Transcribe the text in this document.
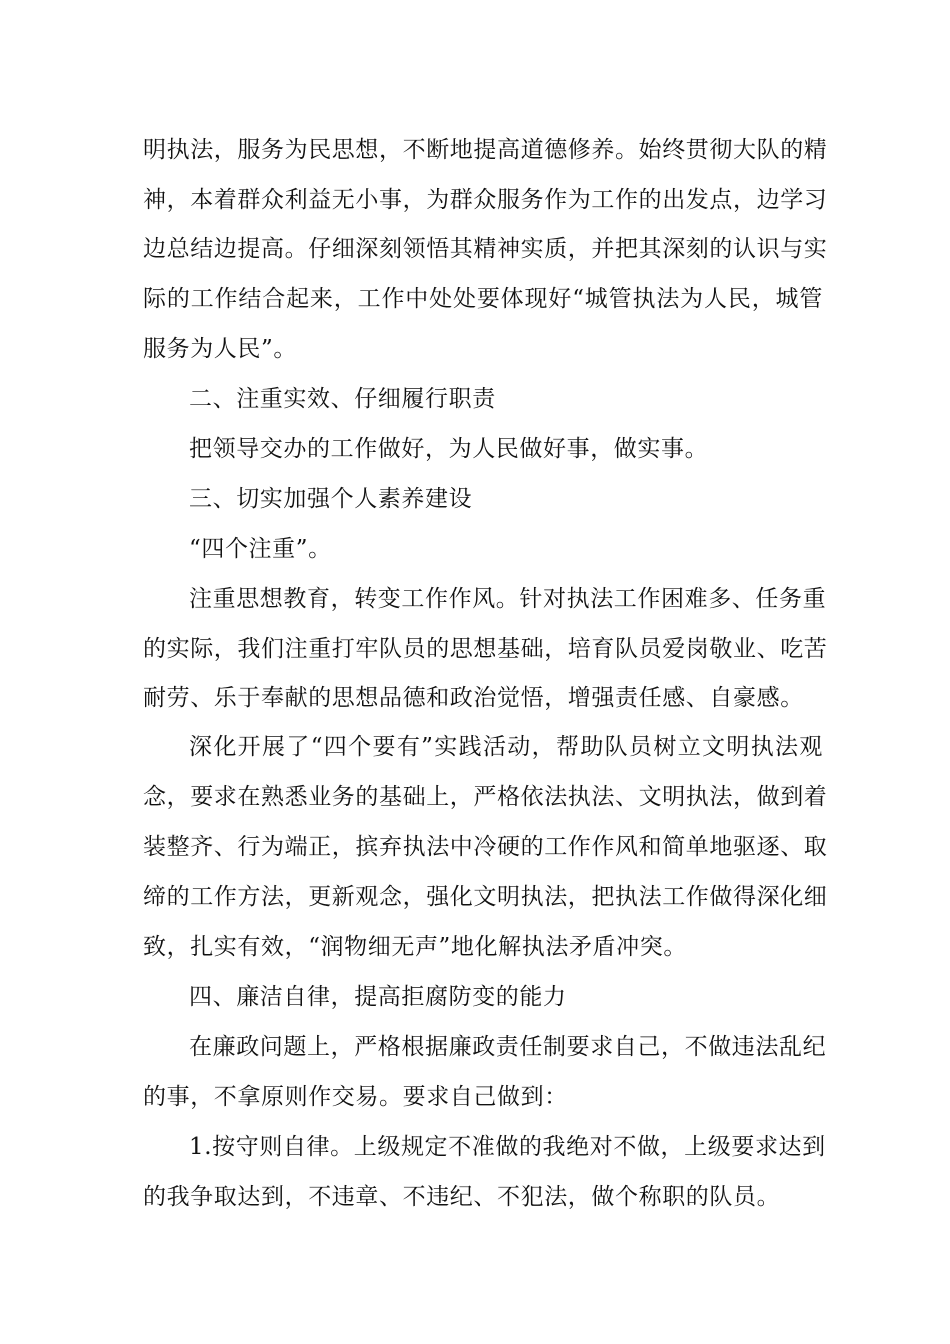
明执法，服务为民思想，不断地提高道德修养。始终贯彻大队的精
神，本着群众利益无小事，为群众服务作为工作的出发点，边学习
边总结边提高。仔细深刻领悟其精神实质，并把其深刻的认识与实
际的工作结合起来，工作中处处要体现好“城管执法为人民，城管
服务为人民”。
二、注重实效、仔细履行职责
把领导交办的工作做好，为人民做好事，做实事。
三、切实加强个人素养建设
“四个注重”。
注重思想教育，转变工作作风。针对执法工作困难多、任务重
的实际，我们注重打牢队员的思想基础，培育队员爱岗敬业、吃苦
耐劳、乐于奉献的思想品德和政治觉悟，增强责任感、自豪感。
深化开展了“四个要有”实践活动，帮助队员树立文明执法观
念，要求在熟悉业务的基础上，严格依法执法、文明执法，做到着
装整齐、行为端正，摈弃执法中冷硬的工作作风和简单地驱逐、取
缔的工作方法，更新观念，强化文明执法，把执法工作做得深化细
致，扎实有效，“润物细无声”地化解执法矛盾冲突。
四、廉洁自律，提高拒腐防变的能力
在廉政问题上，严格根据廉政责任制要求自己，不做违法乱纪
的事，不拿原则作交易。要求自己做到：
1.按守则自律。上级规定不准做的我绝对不做，上级要求达到
的我争取达到，不违章、不违纪、不犯法，做个称职的队员。
